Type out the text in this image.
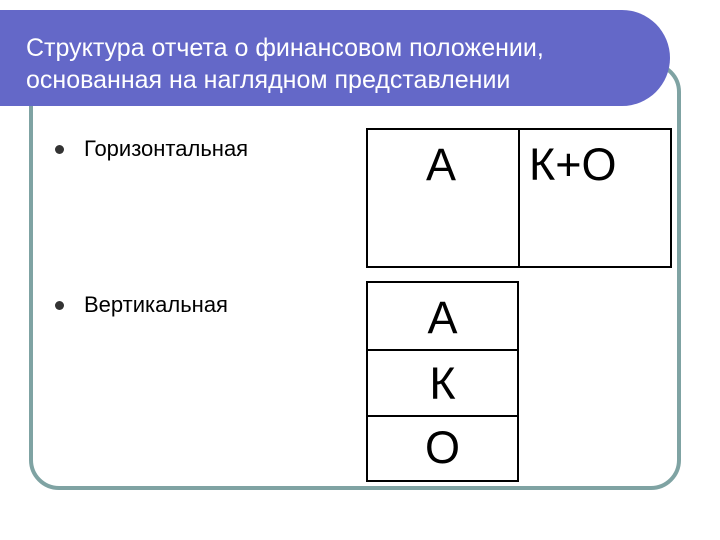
Структура отчета о финансовом положении,
основанная на наглядном представлении
Горизонтальная
Вертикальная
А К+О
А
К
О
